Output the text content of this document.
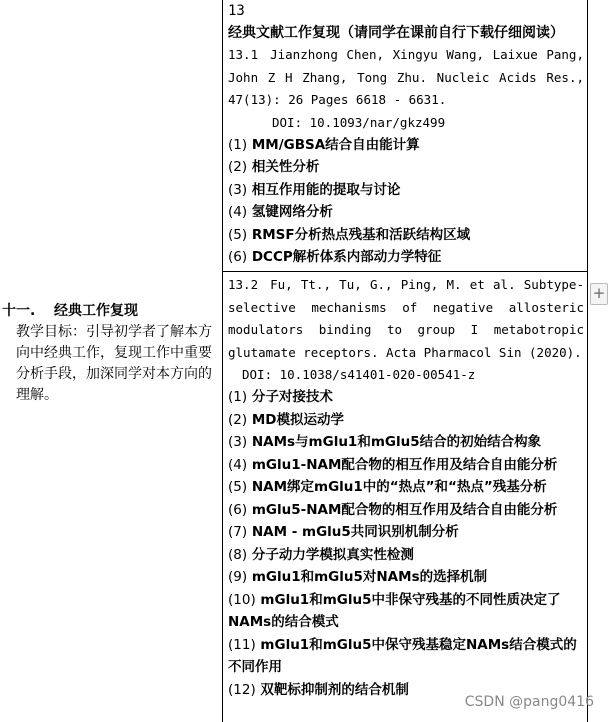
十一. 经典工作复现
教学目标：引导初学者了解本方向中经典工作，复现工作中重要分析手段，加深同学对本方向的理解。
13经典文献工作复现（请同学在课前自行下载仔细阅读）
13.1 Jianzhong Chen, Xingyu Wang, Laixue Pang, John Z H Zhang, Tong Zhu. Nucleic Acids Res., 47(13): 26 Pages 6618 - 6631.
DOI: 10.1093/nar/gkz499
(1) MM/GBSA结合自由能计算
(2) 相关性分析
(3) 相互作用能的提取与讨论
(4) 氢键网络分析
(5) RMSF分析热点残基和活跃结构区域
(6) DCCP解析体系内部动力学特征
13.2 Fu, Tt., Tu, G., Ping, M. et al. Subtype-selective mechanisms of negative allosteric modulators binding to group I metabotropic glutamate receptors. Acta Pharmacol Sin (2020).
DOI: 10.1038/s41401-020-00541-z
(1) 分子对接技术
(2) MD模拟运动学
(3) NAMs与mGlu1和mGlu5结合的初始结合构象
(4) mGlu1-NAM配合物的相互作用及结合自由能分析
(5) NAM绑定mGlu1中的“热点”和“热点”残基分析
(6) mGlu5-NAM配合物的相互作用及结合自由能分析
(7) NAM - mGlu5共同识别机制分析
(8) 分子动力学模拟真实性检测
(9) mGlu1和mGlu5对NAMs的选择机制
(10) mGlu1和mGlu5中非保守残基的不同性质决定了NAMs的结合模式
(11) mGlu1和mGlu5中保守残基稳定NAMs结合模式的不同作用
(12) 双靶标抑制剂的结合机制
+
CSDN @pang0416
